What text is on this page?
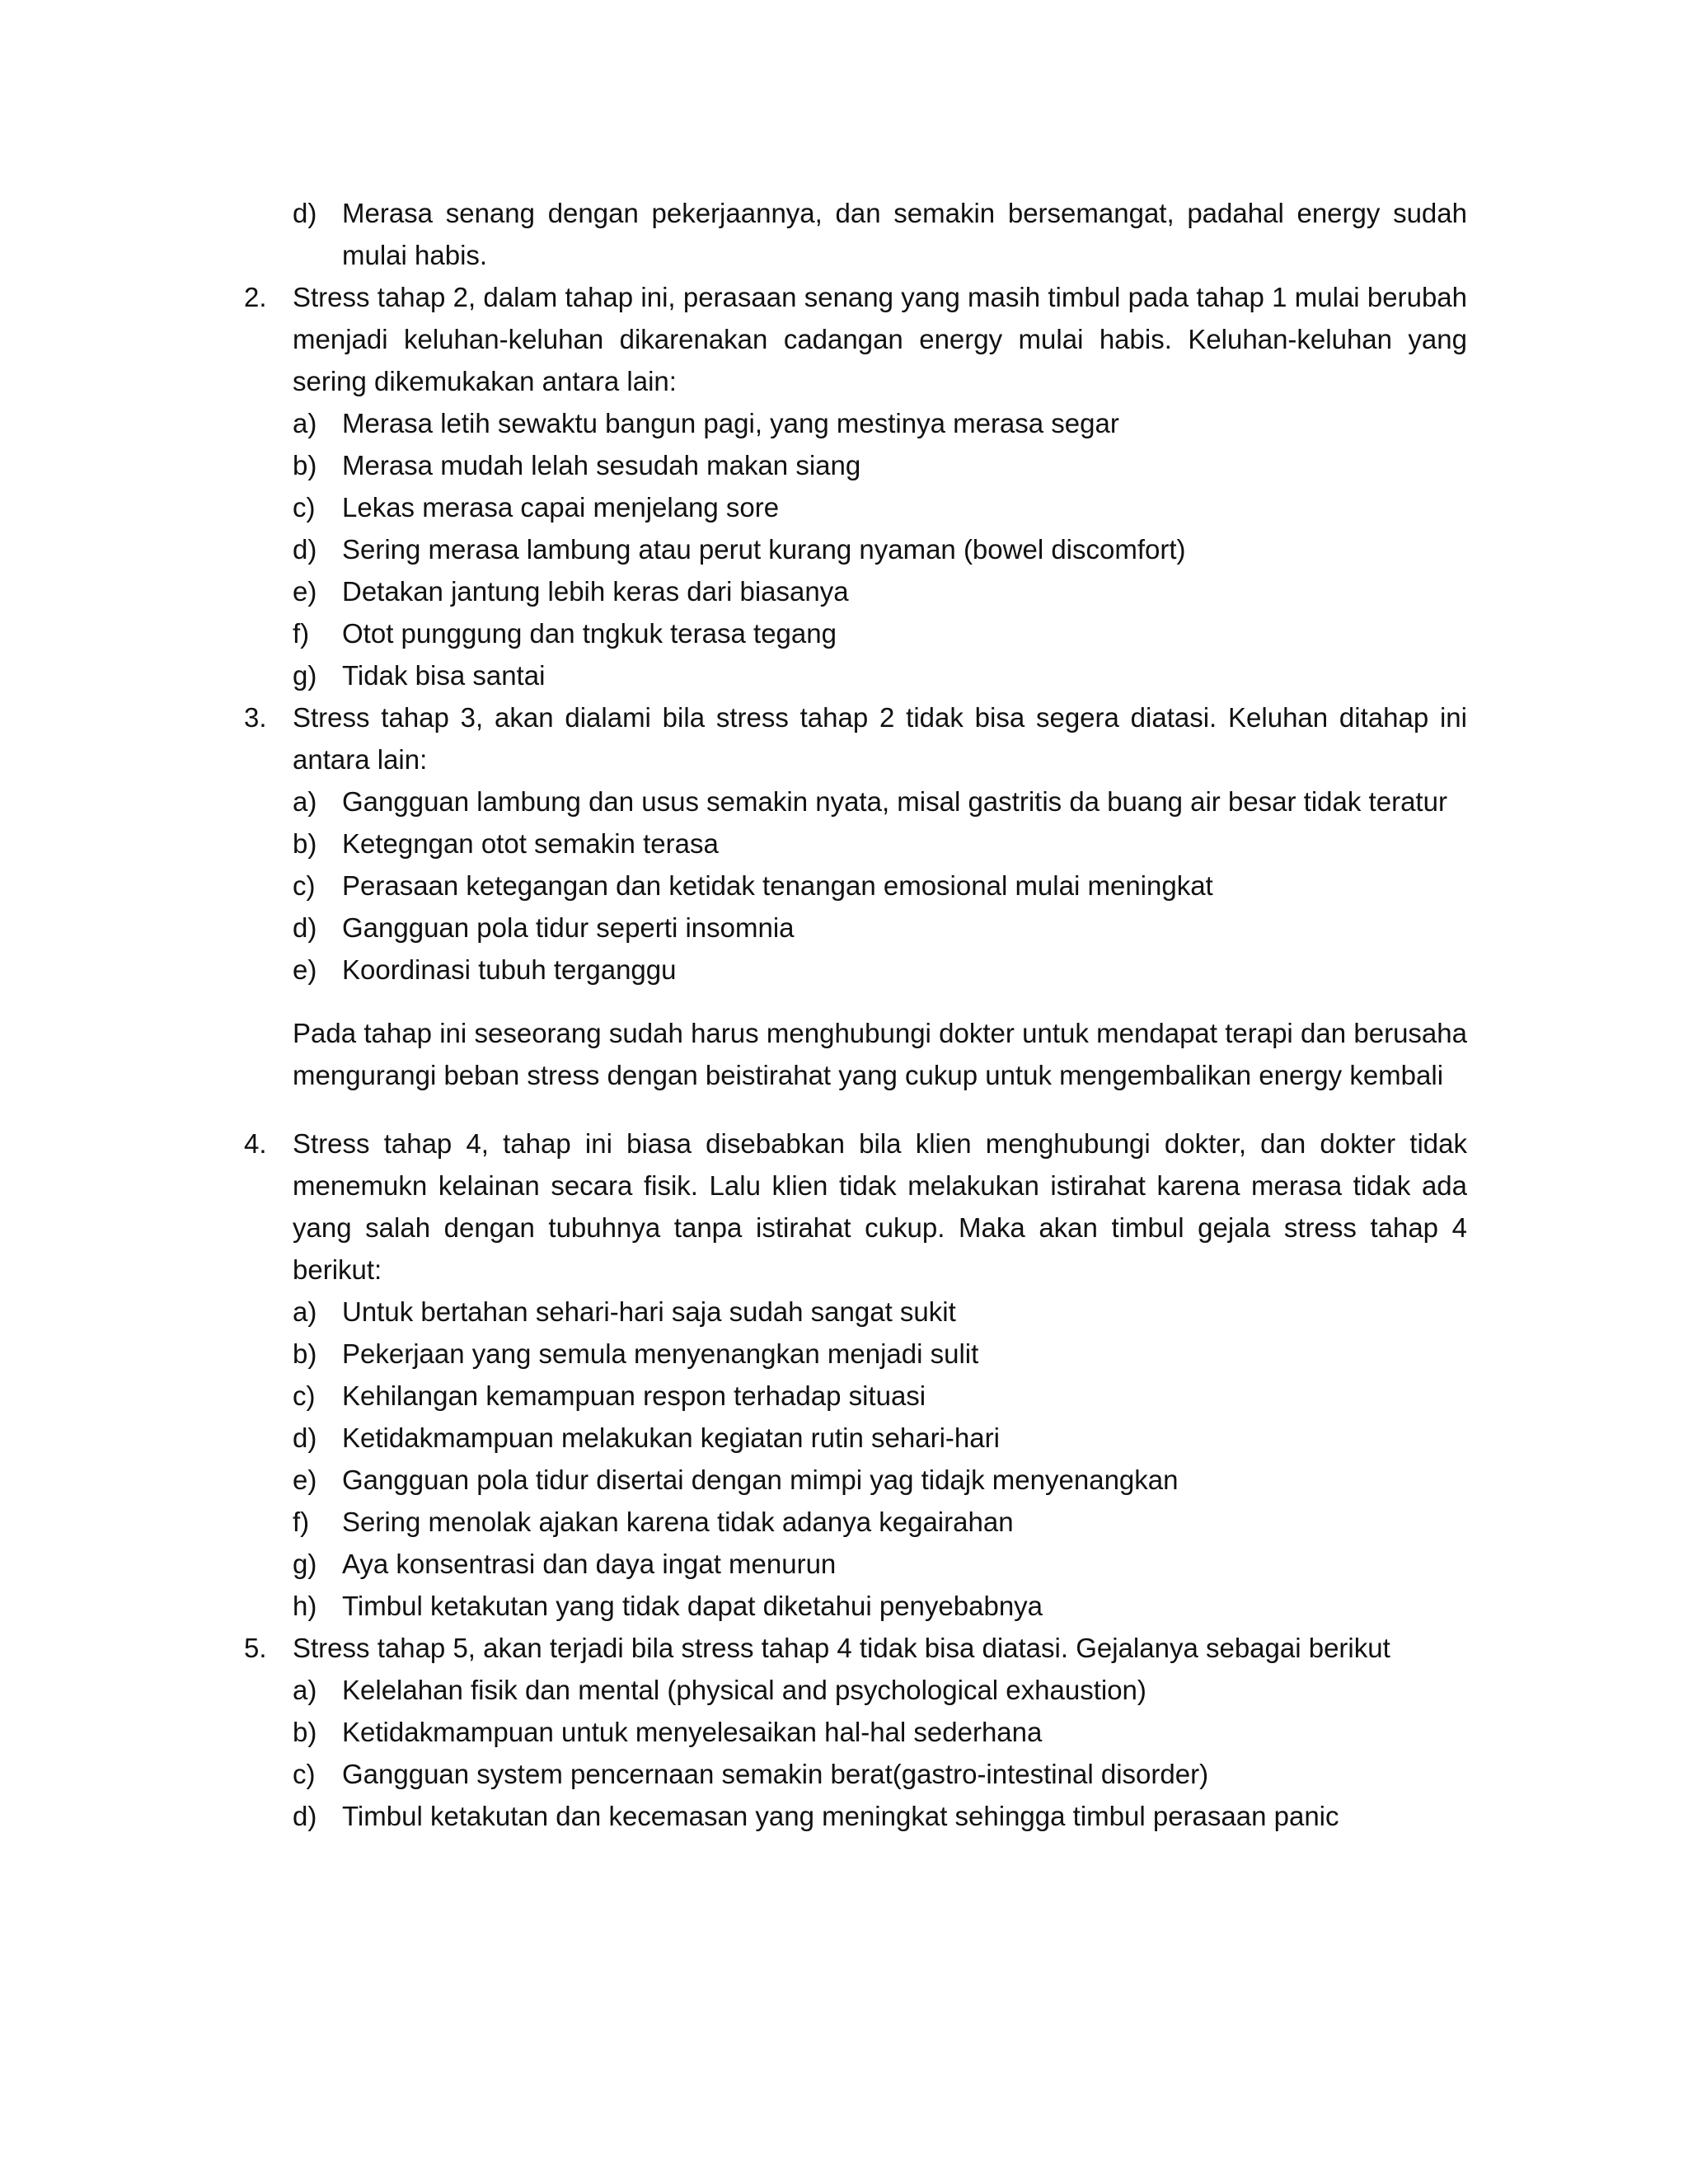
d) Merasa senang dengan pekerjaannya, dan semakin bersemangat, padahal energy sudah mulai habis.
2. Stress tahap 2, dalam tahap ini, perasaan senang yang masih timbul pada tahap 1 mulai berubah menjadi keluhan-keluhan dikarenakan cadangan energy mulai habis. Keluhan-keluhan yang sering dikemukakan antara lain:
a) Merasa letih sewaktu bangun pagi, yang mestinya merasa segar
b) Merasa mudah lelah sesudah makan siang
c) Lekas merasa capai menjelang sore
d) Sering merasa lambung atau perut kurang nyaman (bowel discomfort)
e) Detakan jantung lebih keras dari biasanya
f) Otot punggung dan tngkuk terasa tegang
g) Tidak bisa santai
3. Stress tahap 3, akan dialami bila stress tahap 2 tidak bisa segera diatasi. Keluhan ditahap ini antara lain:
a) Gangguan lambung dan usus semakin nyata, misal gastritis da buang air besar tidak teratur
b) Ketegngan otot semakin terasa
c) Perasaan ketegangan dan ketidak tenangan emosional mulai meningkat
d) Gangguan pola tidur seperti insomnia
e) Koordinasi tubuh terganggu
Pada tahap ini seseorang sudah harus menghubungi dokter untuk mendapat terapi dan berusaha mengurangi beban stress dengan beistirahat yang cukup untuk mengembalikan energy kembali
4. Stress tahap 4, tahap ini biasa disebabkan bila klien menghubungi dokter, dan dokter tidak menemukn kelainan secara fisik. Lalu klien tidak melakukan istirahat karena merasa tidak ada yang salah dengan tubuhnya tanpa istirahat cukup. Maka akan timbul gejala stress tahap 4 berikut:
a) Untuk bertahan sehari-hari saja sudah sangat sukit
b) Pekerjaan yang semula menyenangkan menjadi sulit
c) Kehilangan kemampuan respon terhadap situasi
d) Ketidakmampuan melakukan kegiatan rutin sehari-hari
e) Gangguan pola tidur disertai dengan mimpi yag tidajk menyenangkan
f) Sering menolak ajakan karena tidak adanya kegairahan
g) Aya konsentrasi dan daya ingat menurun
h) Timbul ketakutan yang tidak dapat diketahui penyebabnya
5. Stress tahap 5, akan terjadi bila stress tahap 4 tidak bisa diatasi. Gejalanya sebagai berikut
a) Kelelahan fisik dan mental (physical and psychological exhaustion)
b) Ketidakmampuan untuk menyelesaikan hal-hal sederhana
c) Gangguan system pencernaan semakin berat(gastro-intestinal disorder)
d) Timbul ketakutan dan kecemasan yang meningkat sehingga timbul perasaan panic
